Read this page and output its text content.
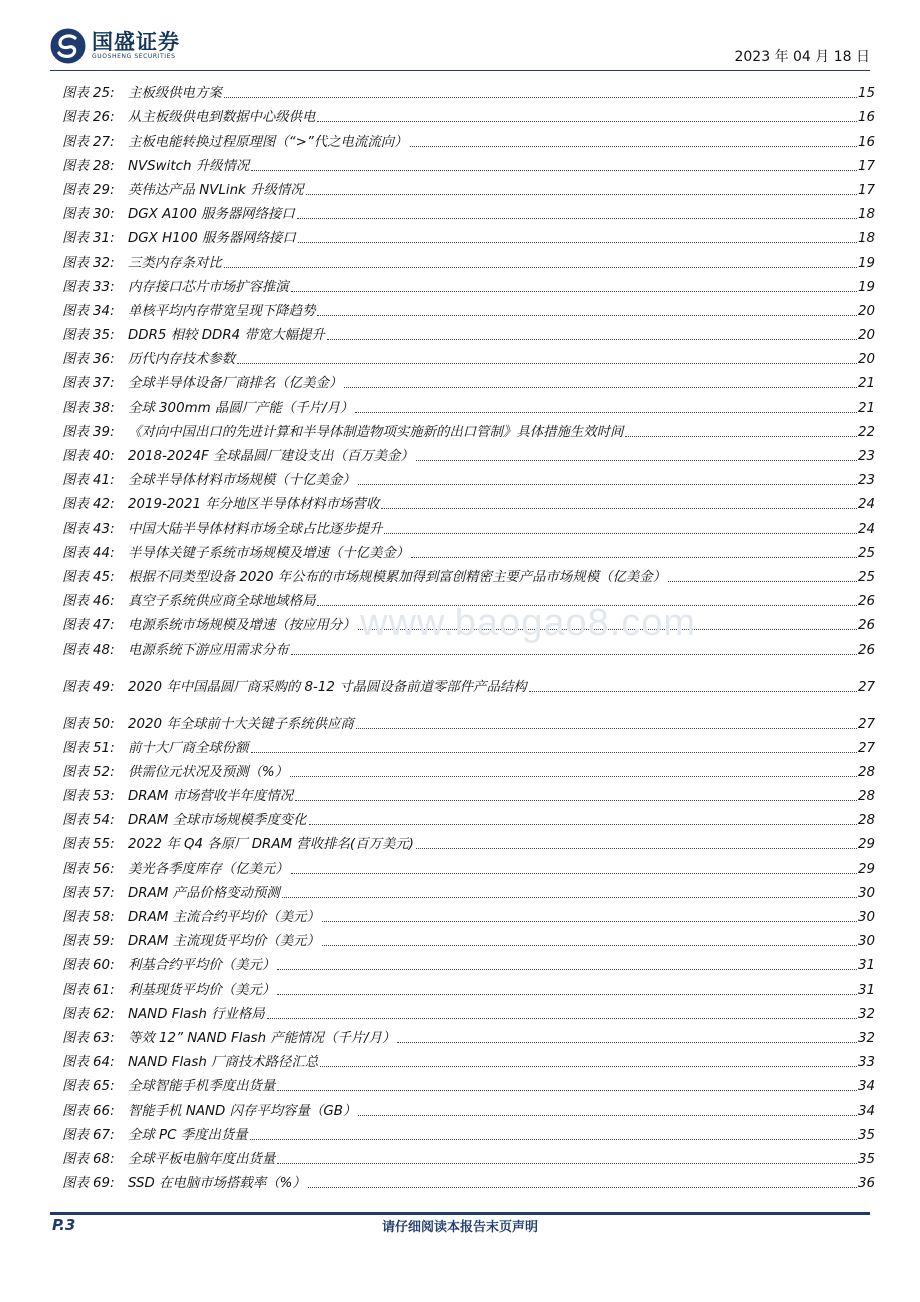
国盛证券
GUOSHENG SECURITIES	2023 年 04 月 18 日
图表 25: 主板级供电方案	15
图表 26: 从主板级供电到数据中心级供电	16
图表 27: 主板电能转换过程原理图（“>”代之电流流向）	16
图表 28: NVSwitch 升级情况	17
图表 29: 英伟达产品 NVLink 升级情况	17
图表 30: DGX A100 服务器网络接口	18
图表 31: DGX H100 服务器网络接口	18
图表 32: 三类内存条对比	19
图表 33: 内存接口芯片市场扩容推演	19
图表 34: 单核平均内存带宽呈现下降趋势	20
图表 35: DDR5 相较 DDR4 带宽大幅提升	20
图表 36: 历代内存技术参数	20
图表 37: 全球半导体设备厂商排名（亿美金）	21
图表 38: 全球 300mm 晶圆厂产能（千片/月）	21
图表 39: 《对向中国出口的先进计算和半导体制造物项实施新的出口管制》具体措施生效时间	22
图表 40: 2018-2024F 全球晶圆厂建设支出（百万美金）	23
图表 41: 全球半导体材料市场规模（十亿美金）	23
图表 42: 2019-2021 年分地区半导体材料市场营收	24
图表 43: 中国大陆半导体材料市场全球占比逐步提升	24
图表 44: 半导体关键子系统市场规模及增速（十亿美金）	25
图表 45: 根据不同类型设备 2020 年公布的市场规模累加得到富创精密主要产品市场规模（亿美金）	25
图表 46: 真空子系统供应商全球地域格局	26
图表 47: 电源系统市场规模及增速（按应用分）	26
图表 48: 电源系统下游应用需求分布	26
图表 49: 2020 年中国晶圆厂商采购的 8-12 寸晶圆设备前道零部件产品结构	27
图表 50: 2020 年全球前十大关键子系统供应商	27
图表 51: 前十大厂商全球份额	27
图表 52: 供需位元状况及预测（%）	28
图表 53: DRAM 市场营收半年度情况	28
图表 54: DRAM 全球市场规模季度变化	28
图表 55: 2022 年 Q4 各原厂 DRAM 营收排名(百万美元)	29
图表 56: 美光各季度库存（亿美元）	29
图表 57: DRAM 产品价格变动预测	30
图表 58: DRAM 主流合约平均价（美元）	30
图表 59: DRAM 主流现货平均价（美元）	30
图表 60: 利基合约平均价（美元）	31
图表 61: 利基现货平均价（美元）	31
图表 62: NAND Flash 行业格局	32
图表 63: 等效 12” NAND Flash 产能情况（千片/月）	32
图表 64: NAND Flash 厂商技术路径汇总	33
图表 65: 全球智能手机季度出货量	34
图表 66: 智能手机 NAND 闪存平均容量（GB）	34
图表 67: 全球 PC 季度出货量	35
图表 68: 全球平板电脑年度出货量	35
图表 69: SSD 在电脑市场搭载率（%）	36
www.baogao8.com
P.3	请仔细阅读本报告末页声明
